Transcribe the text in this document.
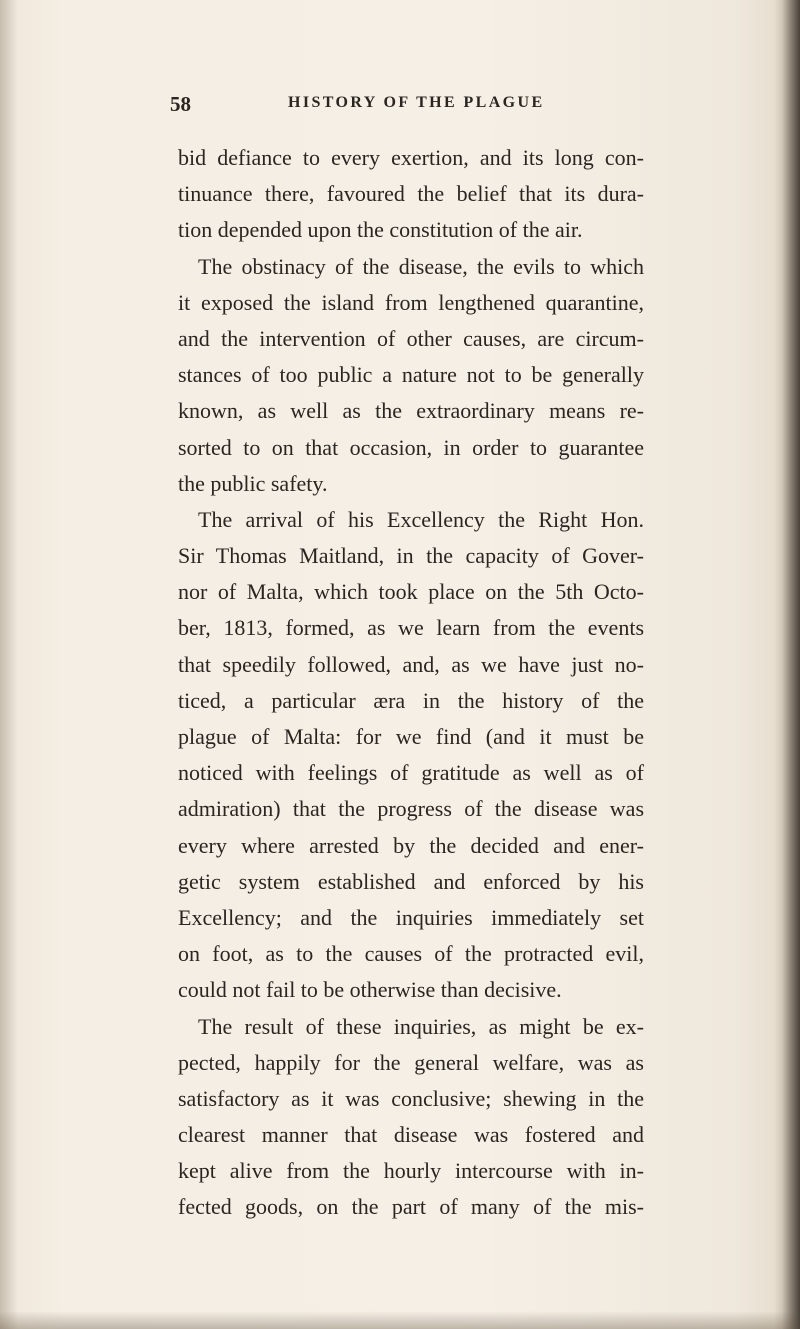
58	HISTORY OF THE PLAGUE
bid defiance to every exertion, and its long con-
tinuance there, favoured the belief that its dura-
tion depended upon the constitution of the air.
The obstinacy of the disease, the evils to which
it exposed the island from lengthened quarantine,
and the intervention of other causes, are circum-
stances of too public a nature not to be generally
known, as well as the extraordinary means re-
sorted to on that occasion, in order to guarantee
the public safety.
The arrival of his Excellency the Right Hon.
Sir Thomas Maitland, in the capacity of Gover-
nor of Malta, which took place on the 5th Octo-
ber, 1813, formed, as we learn from the events
that speedily followed, and, as we have just no-
ticed, a particular æra in the history of the
plague of Malta: for we find (and it must be
noticed with feelings of gratitude as well as of
admiration) that the progress of the disease was
every where arrested by the decided and ener-
getic system established and enforced by his
Excellency; and the inquiries immediately set
on foot, as to the causes of the protracted evil,
could not fail to be otherwise than decisive.
The result of these inquiries, as might be ex-
pected, happily for the general welfare, was as
satisfactory as it was conclusive; shewing in the
clearest manner that disease was fostered and
kept alive from the hourly intercourse with in-
fected goods, on the part of many of the mis-
